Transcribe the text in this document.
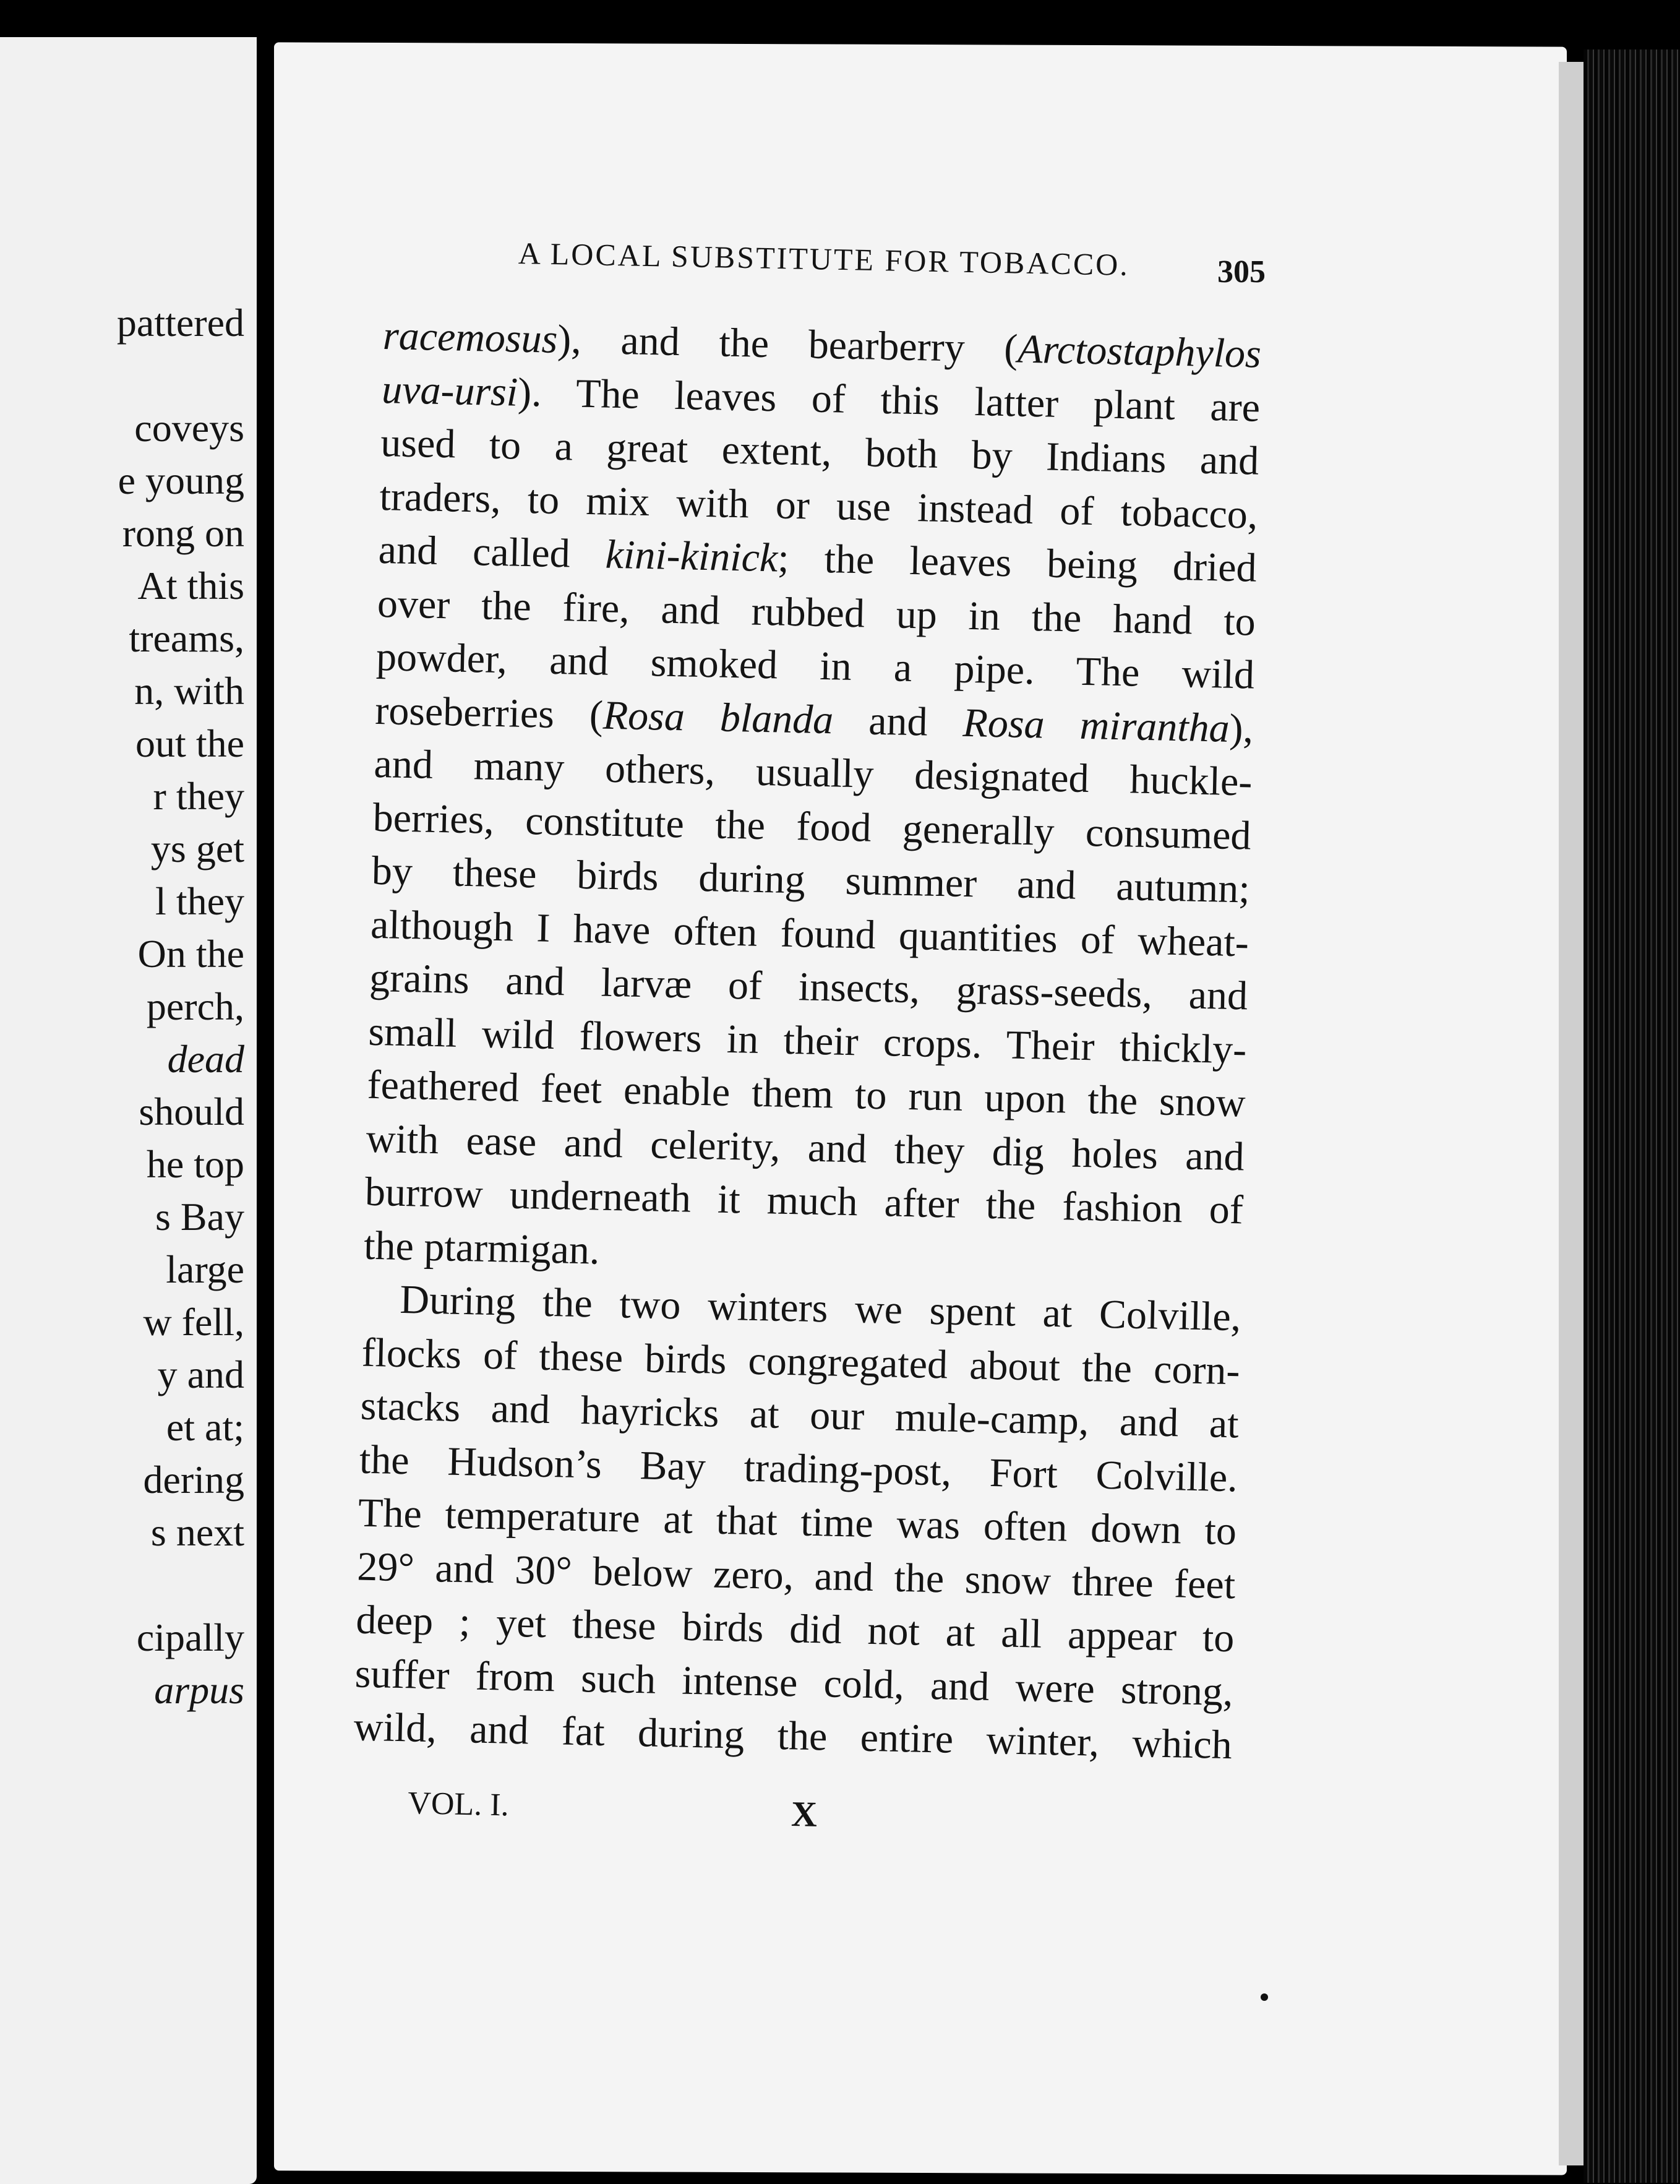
pattered
coveys
e young
rong on
At this
treams,
n, with
out the
r they
ys get
l they
On the
perch,
dead
should
he top
s Bay
large
w fell,
y and
et at;
dering
s next
cipally
arpus
A LOCAL SUBSTITUTE FOR TOBACCO.	305
racemosus), and the bearberry (Arctostaphylos
uva-ursi). The leaves of this latter plant are
used to a great extent, both by Indians and
traders, to mix with or use instead of tobacco,
and called kini-kinick; the leaves being dried
over the fire, and rubbed up in the hand to
powder, and smoked in a pipe. The wild
roseberries (Rosa blanda and Rosa mirantha),
and many others, usually designated huckle-
berries, constitute the food generally consumed
by these birds during summer and autumn;
although I have often found quantities of wheat-
grains and larvæ of insects, grass-seeds, and
small wild flowers in their crops. Their thickly-
feathered feet enable them to run upon the snow
with ease and celerity, and they dig holes and
burrow underneath it much after the fashion of
the ptarmigan.
During the two winters we spent at Colville,
flocks of these birds congregated about the corn-
stacks and hayricks at our mule-camp, and at
the Hudson’s Bay trading-post, Fort Colville.
The temperature at that time was often down to
29° and 30° below zero, and the snow three feet
deep ; yet these birds did not at all appear to
suffer from such intense cold, and were strong,
wild, and fat during the entire winter, which
VOL. I.	X
